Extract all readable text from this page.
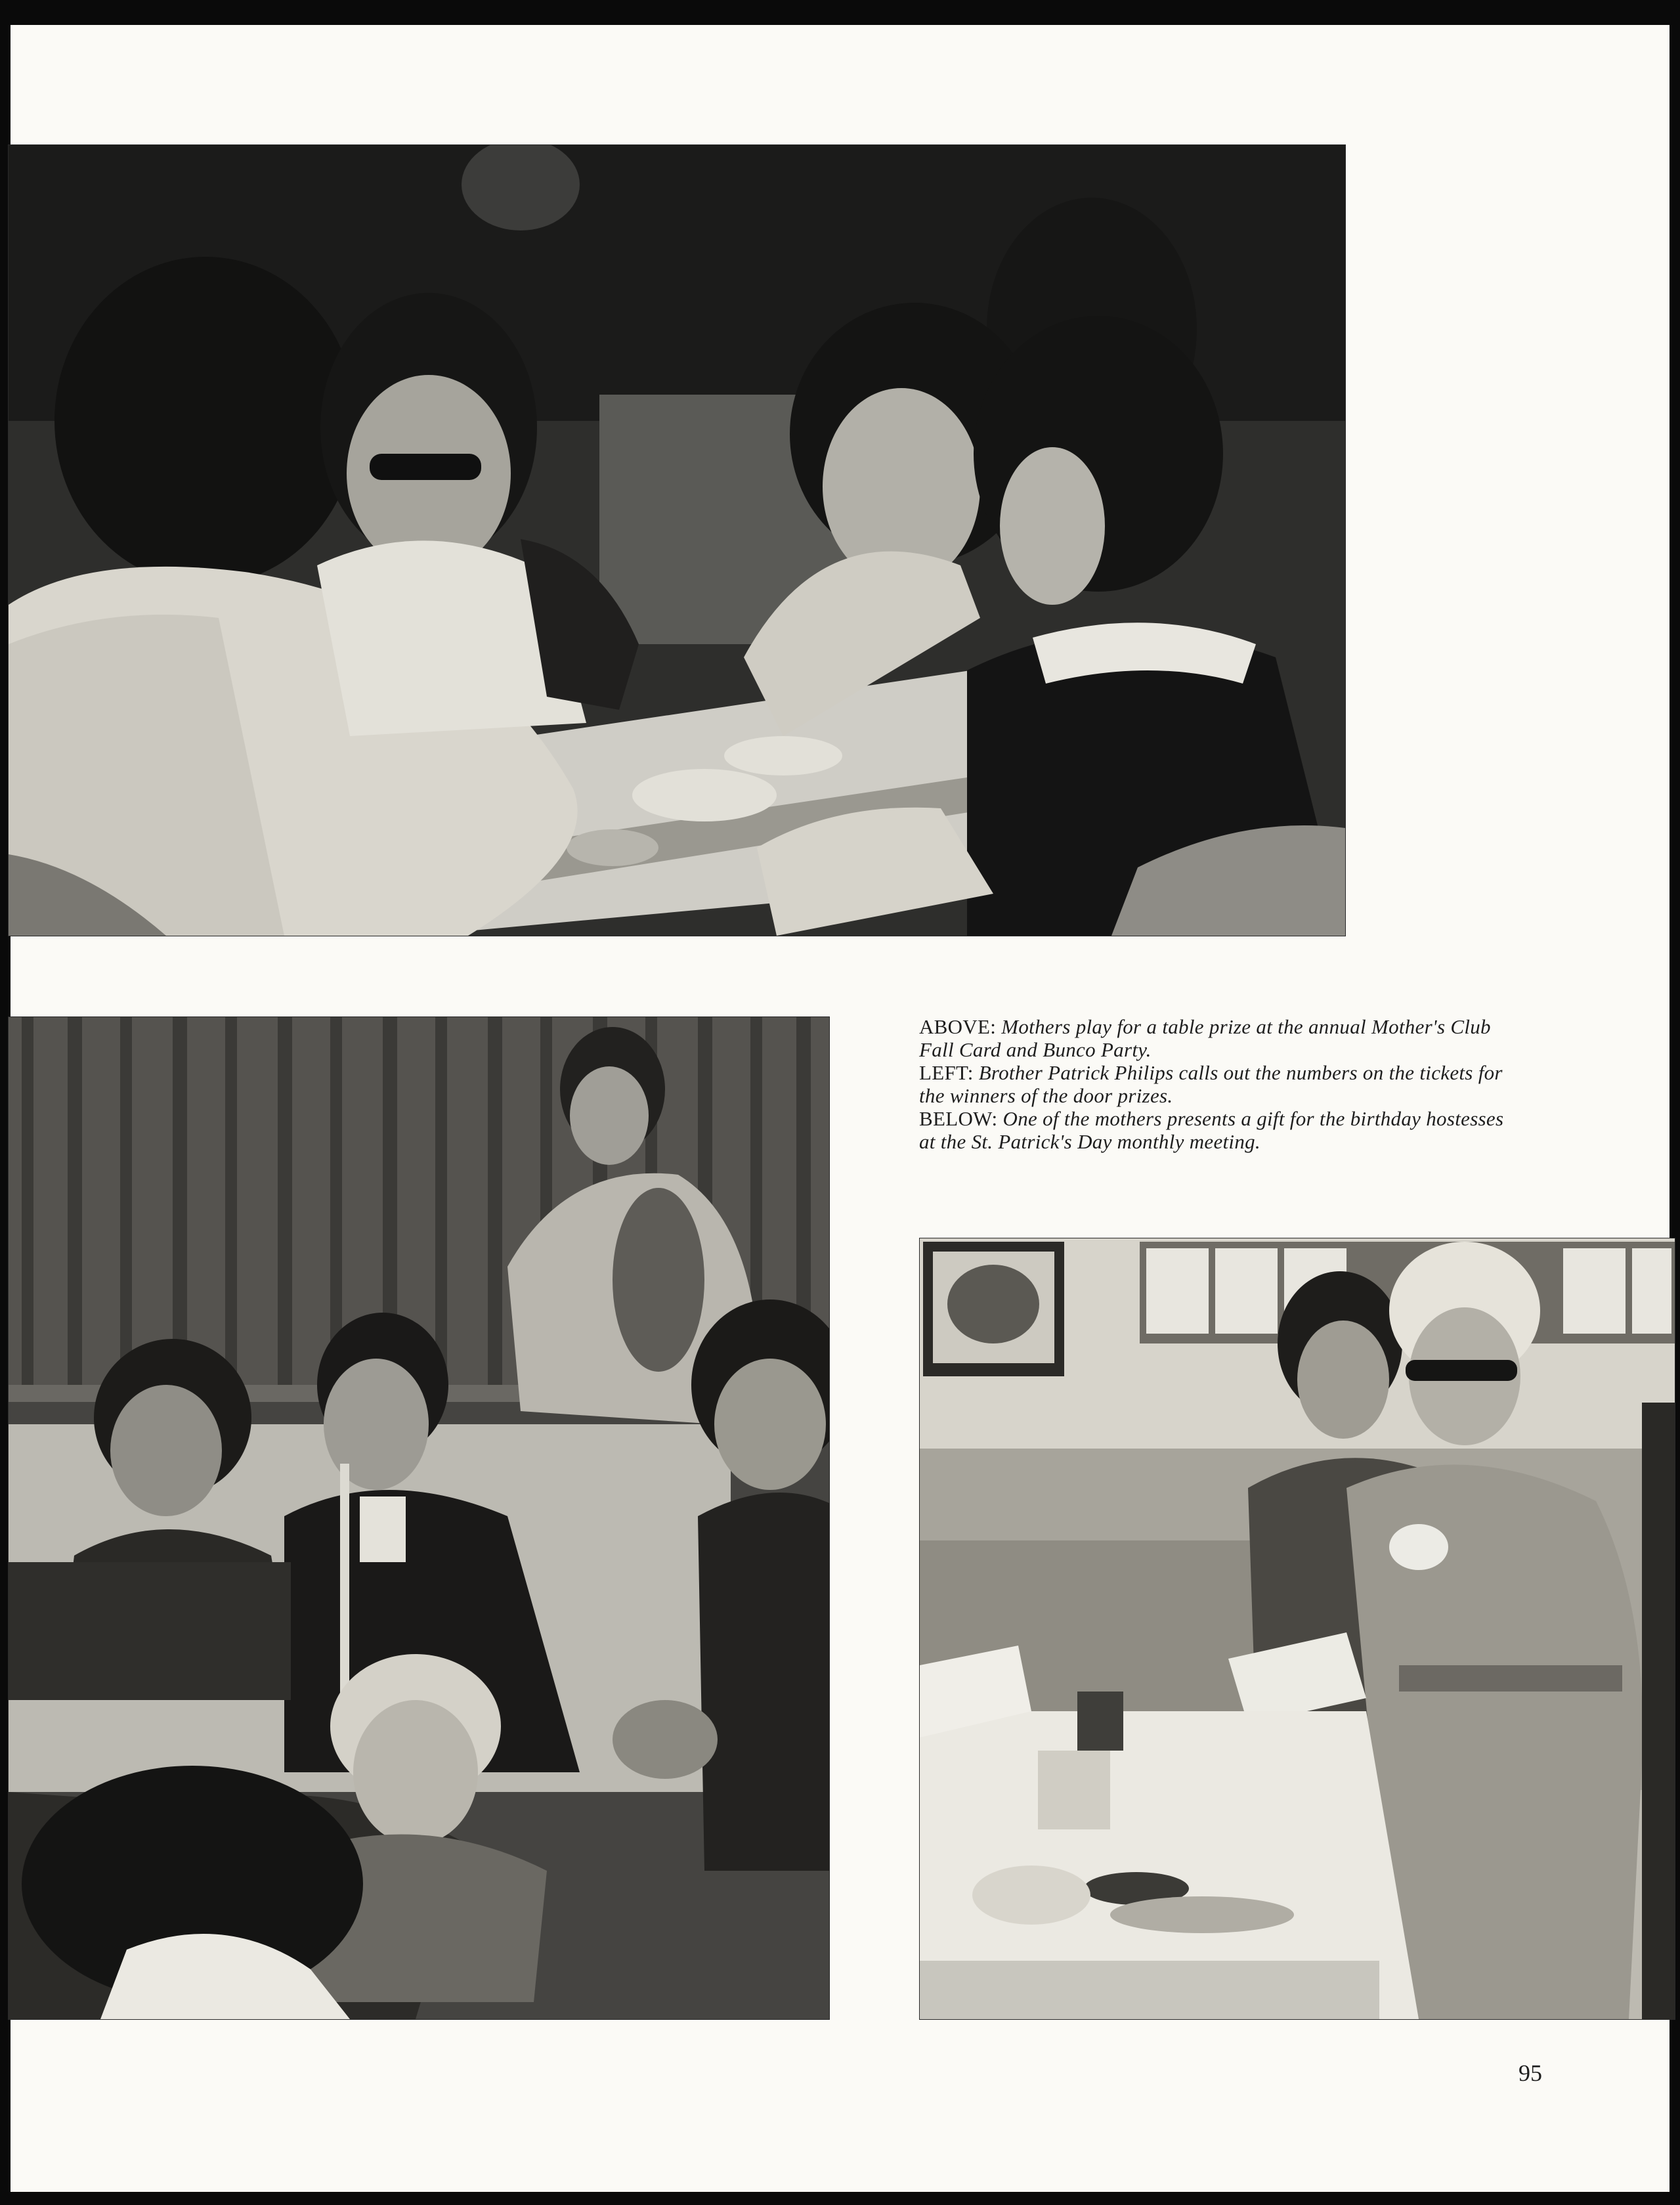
ABOVE: Mothers play for a table prize at the annual Mother's Club Fall Card and Bunco Party.

LEFT: Brother Patrick Philips calls out the numbers on the tickets for the winners of the door prizes.

BELOW: One of the mothers presents a gift for the birthday hostesses at the St. Patrick's Day monthly meeting.

95
